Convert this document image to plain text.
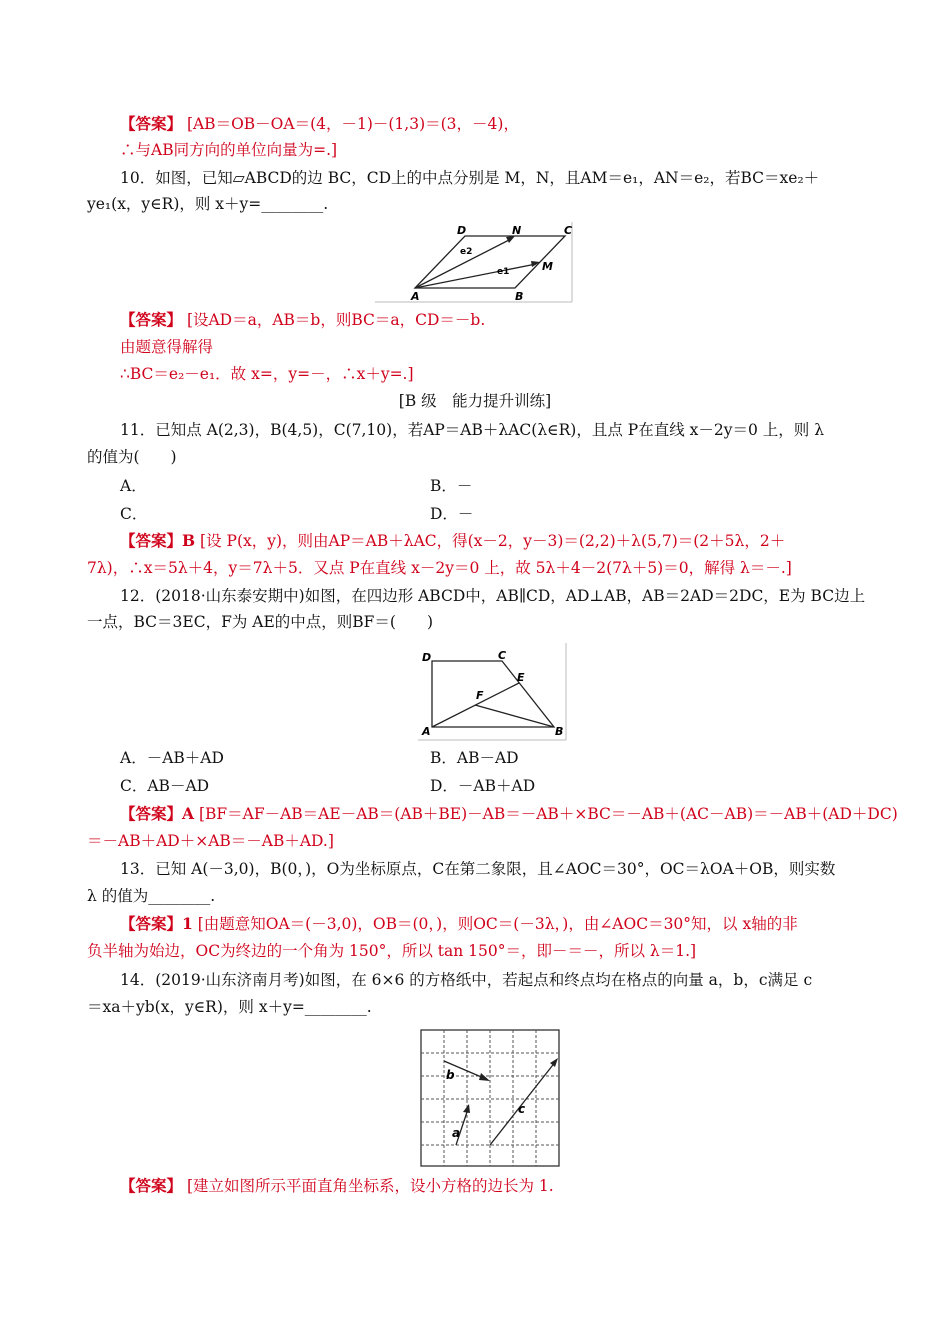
【答案】 [AB＝OB－OA＝(4，－1)－(1,3)＝(3，－4)，
∴与AB同方向的单位向量为=.]
10．如图，已知▱ABCD的边 BC，CD上的中点分别是 M，N，且AM＝e₁，AN＝e₂，若BC＝xe₂＋
ye₁(x，y∈R)，则 x＋y=________.
D	N	C
M
A	B
e2
e1
【答案】 [设AD＝a，AB＝b，则BC＝a，CD＝－b.
由题意得解得
∴BC＝e₂－e₁．故 x=，y=－，∴x＋y=.]
[B 级　能力提升训练]
11．已知点 A(2,3)，B(4,5)，C(7,10)，若AP＝AB＋λAC(λ∈R)，且点 P在直线 x－2y＝0 上，则 λ
的值为(　　)
A．	B．－
C．	D．－
【答案】B [设 P(x，y)，则由AP＝AB＋λAC，得(x－2，y－3)＝(2,2)＋λ(5,7)＝(2＋5λ，2＋
7λ)，∴x＝5λ＋4，y＝7λ＋5．又点 P在直线 x－2y＝0 上，故 5λ＋4－2(7λ＋5)＝0，解得 λ＝－.]
12．(2018·山东泰安期中)如图，在四边形 ABCD中，AB∥CD，AD⊥AB，AB＝2AD＝2DC，E为 BC边上
一点，BC＝3EC，F为 AE的中点，则BF＝(　　)
D	C
E
F
A	B
A．－AB＋AD	B．AB－AD
C．AB－AD	D．－AB＋AD
【答案】A [BF＝AF－AB＝AE－AB＝(AB＋BE)－AB＝－AB＋×BC＝－AB＋(AC－AB)＝－AB＋(AD＋DC)
＝－AB＋AD＋×AB＝－AB＋AD.]
13．已知 A(－3,0)，B(0，)，O为坐标原点，C在第二象限，且∠AOC＝30°，OC＝λOA＋OB，则实数
λ 的值为________.
【答案】1 [由题意知OA＝(－3,0)，OB＝(0，)，则OC＝(－3λ，)，由∠AOC＝30°知，以 x轴的非
负半轴为始边，OC为终边的一个角为 150°，所以 tan 150°＝，即－＝－，所以 λ＝1.]
14．(2019·山东济南月考)如图，在 6×6 的方格纸中，若起点和终点均在格点的向量 a，b，c满足 c
＝xa＋yb(x，y∈R)，则 x＋y=________.
b
a
c
【答案】 [建立如图所示平面直角坐标系，设小方格的边长为 1.
